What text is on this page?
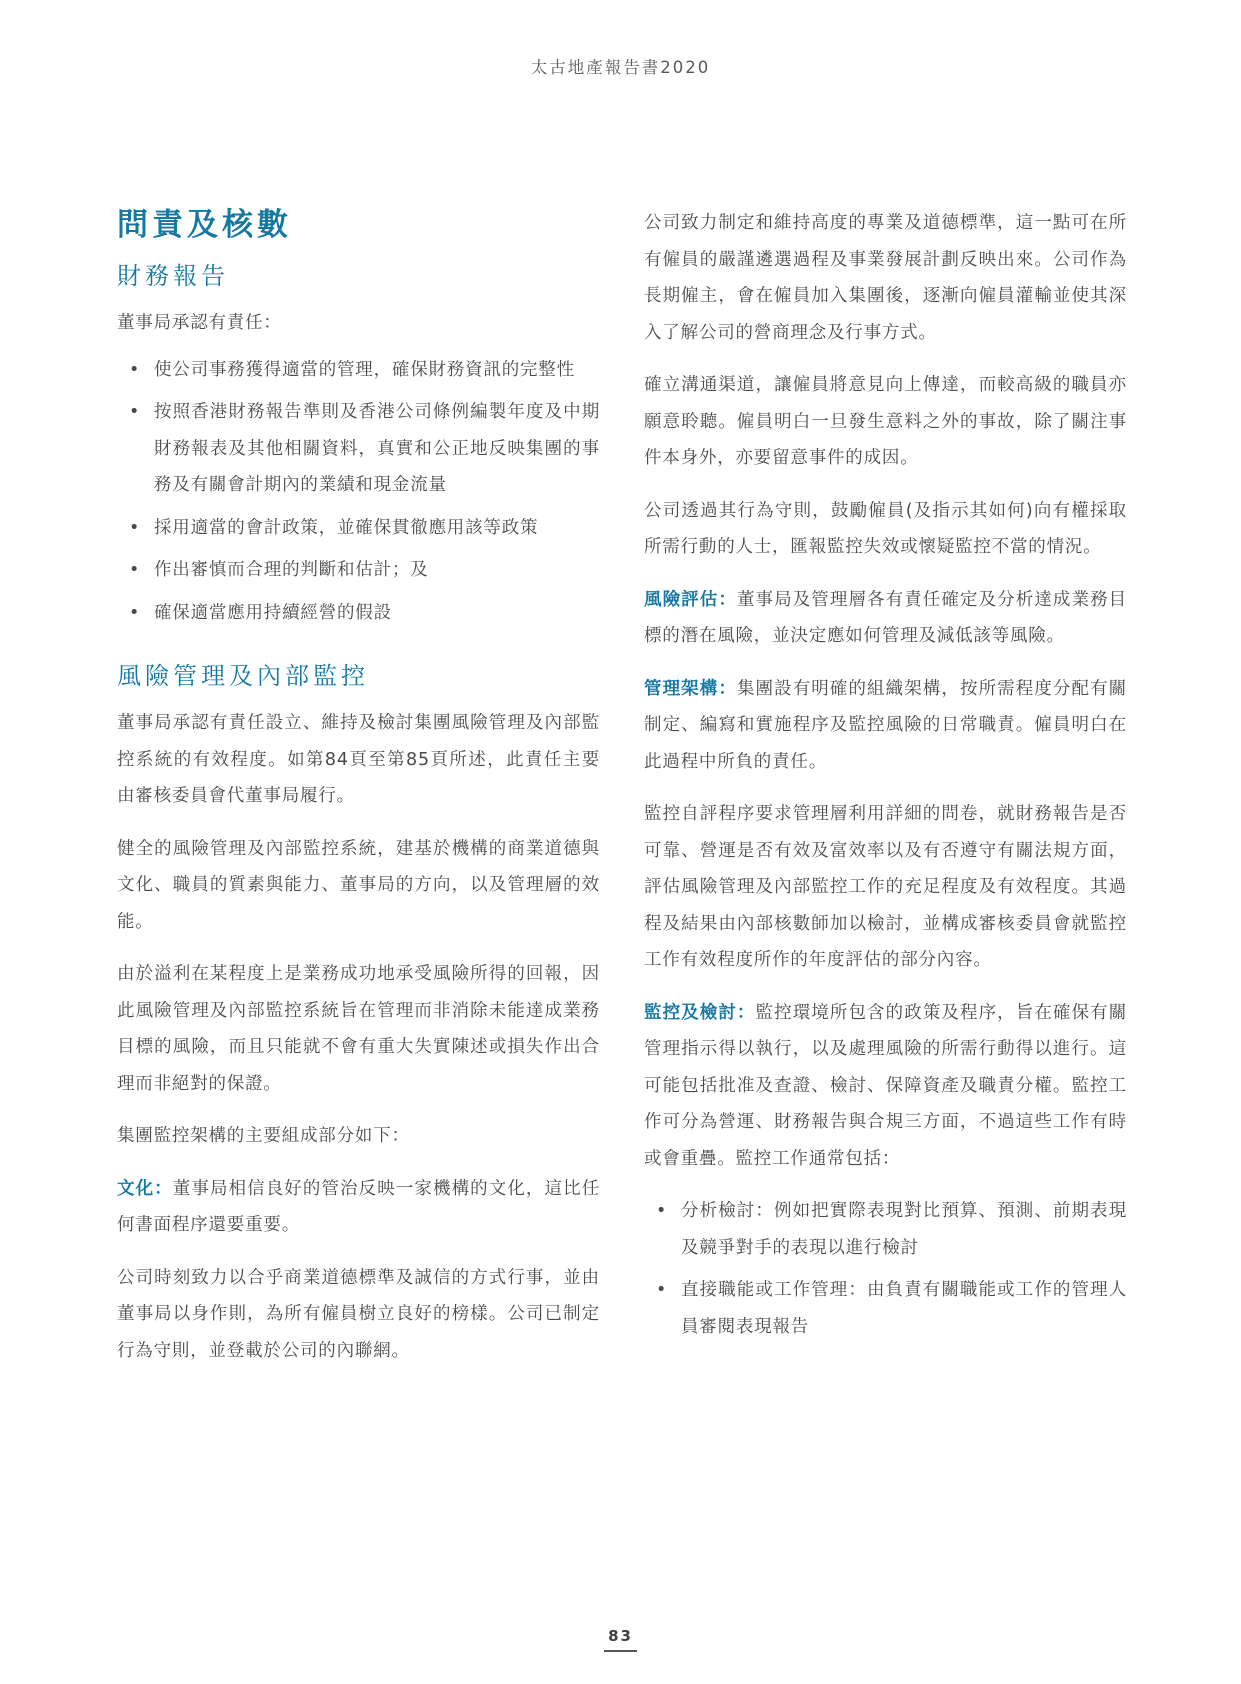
太古地產報告書2020
問責及核數
財務報告

董事局承認有責任：

• 使公司事務獲得適當的管理，確保財務資訊的完整性
• 按照香港財務報告準則及香港公司條例編製年度及中期財務報表及其他相關資料，真實和公正地反映集團的事務及有關會計期內的業績和現金流量
• 採用適當的會計政策，並確保貫徹應用該等政策
• 作出審慎而合理的判斷和估計；及
• 確保適當應用持續經營的假設
風險管理及內部監控

董事局承認有責任設立、維持及檢討集團風險管理及內部監控系統的有效程度。如第84頁至第85頁所述，此責任主要由審核委員會代董事局履行。

健全的風險管理及內部監控系統，建基於機構的商業道德與文化、職員的質素與能力、董事局的方向，以及管理層的效能。

由於溢利在某程度上是業務成功地承受風險所得的回報，因此風險管理及內部監控系統旨在管理而非消除未能達成業務目標的風險，而且只能就不會有重大失實陳述或損失作出合理而非絕對的保證。

集團監控架構的主要組成部分如下：

文化：董事局相信良好的管治反映一家機構的文化，這比任何書面程序還要重要。

公司時刻致力以合乎商業道德標準及誠信的方式行事，並由董事局以身作則，為所有僱員樹立良好的榜樣。公司已制定行為守則，並登載於公司的內聯網。

公司致力制定和維持高度的專業及道德標準，這一點可在所有僱員的嚴謹遴選過程及事業發展計劃反映出來。公司作為長期僱主，會在僱員加入集團後，逐漸向僱員灌輸並使其深入了解公司的營商理念及行事方式。

確立溝通渠道，讓僱員將意見向上傳達，而較高級的職員亦願意聆聽。僱員明白一旦發生意料之外的事故，除了關注事件本身外，亦要留意事件的成因。

公司透過其行為守則，鼓勵僱員(及指示其如何)向有權採取所需行動的人士，匯報監控失效或懷疑監控不當的情況。

風險評估：董事局及管理層各有責任確定及分析達成業務目標的潛在風險，並決定應如何管理及減低該等風險。

管理架構：集團設有明確的組織架構，按所需程度分配有關制定、編寫和實施程序及監控風險的日常職責。僱員明白在此過程中所負的責任。

監控自評程序要求管理層利用詳細的問卷，就財務報告是否可靠、營運是否有效及富效率以及有否遵守有關法規方面，評估風險管理及內部監控工作的充足程度及有效程度。其過程及結果由內部核數師加以檢討，並構成審核委員會就監控工作有效程度所作的年度評估的部分內容。

監控及檢討：監控環境所包含的政策及程序，旨在確保有關管理指示得以執行，以及處理風險的所需行動得以進行。這可能包括批准及查證、檢討、保障資產及職責分權。監控工作可分為營運、財務報告與合規三方面，不過這些工作有時或會重疊。監控工作通常包括：

• 分析檢討：例如把實際表現對比預算、預測、前期表現及競爭對手的表現以進行檢討
• 直接職能或工作管理：由負責有關職能或工作的管理人員審閱表現報告
83
